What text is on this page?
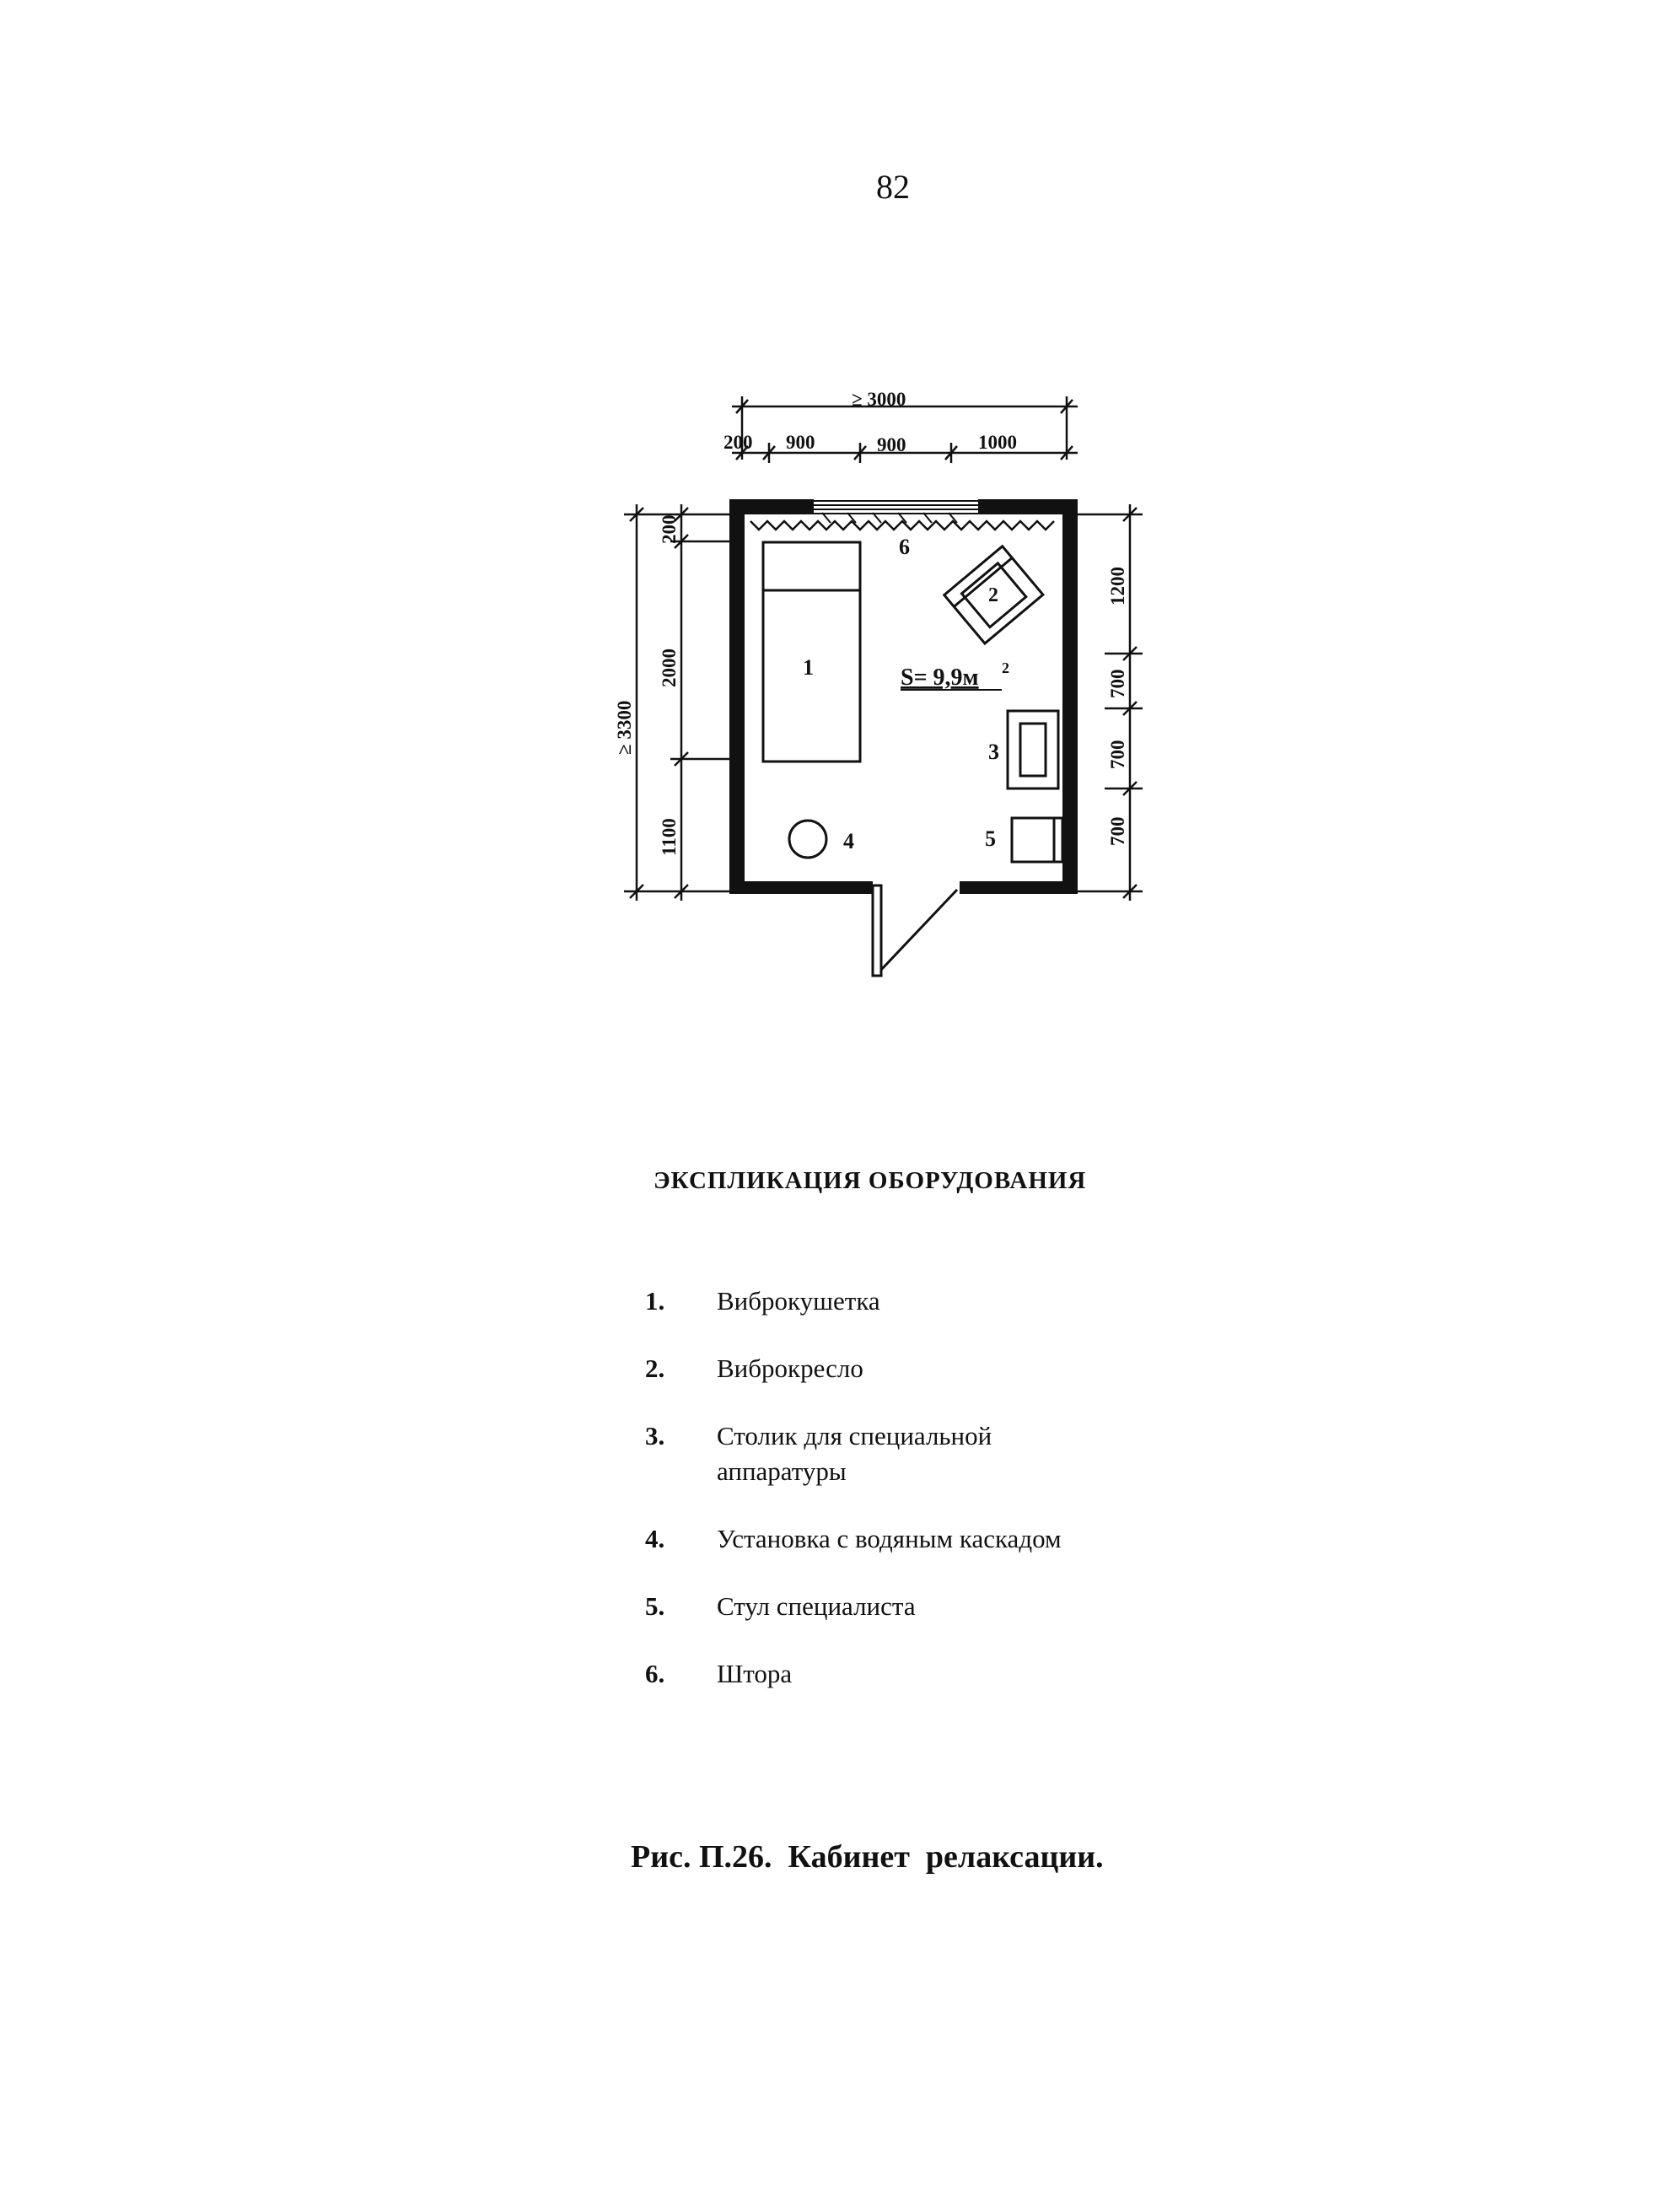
82
≥ 3000
200 900	900	1000
≥ 3300
200
2000
1100
1200
700
700
700
S= 9,9м 2
1
2
3
4	5
6
ЭКСПЛИКАЦИЯ ОБОРУДОВАНИЯ
1.	Виброкушетка
2.	Виброкресло
3.	Столик для специальной аппаратуры
4.	Установка с водяным каскадом
5.	Стул специалиста
6.	Штора
Рис. П.26.  Кабинет  релаксации.
